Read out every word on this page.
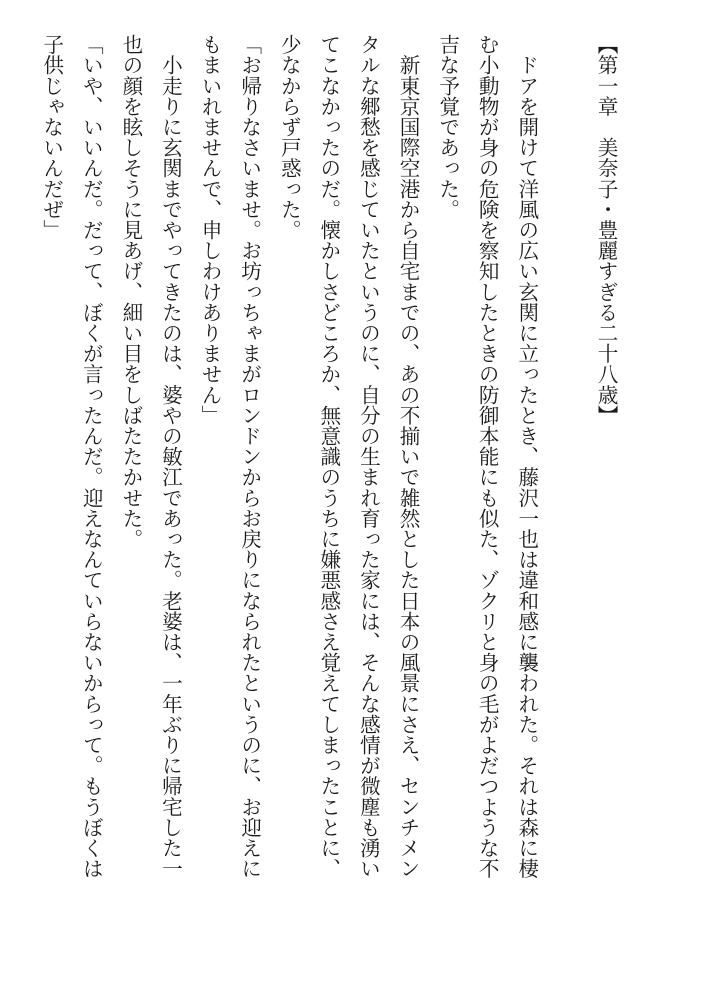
【第一章　美奈子・豊麗すぎる二十八歳】

　ドアを開けて洋風の広い玄関に立ったとき、藤沢一也は違和感に襲われた。それは森に棲
む小動物が身の危険を察知したときの防御本能にも似た、ゾクリと身の毛がよだつような不
吉な予覚であった。
　新東京国際空港から自宅までの、あの不揃いで雑然とした日本の風景にさえ、センチメン
タルな郷愁を感じていたというのに、自分の生まれ育った家には、そんな感情が微塵も湧い
てこなかったのだ。懐かしさどころか、無意識のうちに嫌悪感さえ覚えてしまったことに、
少なからず戸惑った。
「お帰りなさいませ。お坊っちゃまがロンドンからお戻りになられたというのに、お迎えに
もまいれませんで、申しわけありません」
　小走りに玄関までやってきたのは、婆やの敏江であった。老婆は、一年ぶりに帰宅した一
也の顔を眩しそうに見あげ、細い目をしばたたかせた。
「いや、いいんだ。だって、ぼくが言ったんだ。迎えなんていらないからって。もうぼくは
子供じゃないんだぜ」
